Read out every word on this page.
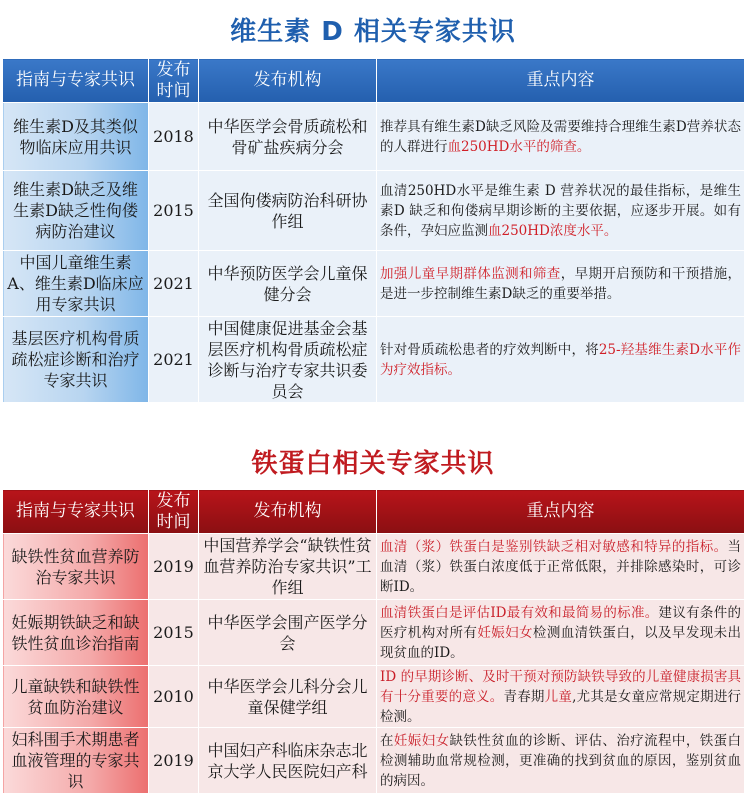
维生素 D 相关专家共识
指南与专家共识	发布时间	发布机构	重点内容
维生素D及其类似物临床应用共识	2018	中华医学会骨质疏松和骨矿盐疾病分会	推荐具有维生素D缺乏风险及需要维持合理维生素D营养状态的人群进行血250HD水平的筛查。
维生素D缺乏及维生素D缺乏性佝偻病防治建议	2015	全国佝偻病防治科研协作组	血清250HD水平是维生素 D 营养状况的最佳指标，是维生素D 缺乏和佝偻病早期诊断的主要依据，应逐步开展。如有条件，孕妇应监测血250HD浓度水平。
中国儿童维生素A、维生素D临床应用专家共识	2021	中华预防医学会儿童保健分会	加强儿童早期群体监测和筛查，早期开启预防和干预措施，是进一步控制维生素D缺乏的重要举措。
基层医疗机构骨质疏松症诊断和治疗专家共识	2021	中国健康促进基金会基层医疗机构骨质疏松症诊断与治疗专家共识委员会	针对骨质疏松患者的疗效判断中，将25-羟基维生素D水平作为疗效指标。
铁蛋白相关专家共识
指南与专家共识	发布时间	发布机构	重点内容
缺铁性贫血营养防治专家共识	2019	中国营养学会“缺铁性贫血营养防治专家共识”工作组	血清（浆）铁蛋白是鉴别铁缺乏相对敏感和特异的指标。当血清（浆）铁蛋白浓度低于正常低限，并排除感染时，可诊断ID。
妊娠期铁缺乏和缺铁性贫血诊治指南	2015	中华医学会围产医学分会	血清铁蛋白是评估ID最有效和最简易的标准。建议有条件的医疗机构对所有妊娠妇女检测血清铁蛋白，以及早发现未出现贫血的ID。
儿童缺铁和缺铁性贫血防治建议	2010	中华医学会儿科分会儿童保健学组	ID 的早期诊断、及时干预对预防缺铁导致的儿童健康损害具有十分重要的意义。青春期儿童,尤其是女童应常规定期进行检测。
妇科围手术期患者血液管理的专家共识	2019	中国妇产科临床杂志北京大学人民医院妇产科	在妊娠妇女缺铁性贫血的诊断、评估、治疗流程中，铁蛋白检测辅助血常规检测，更准确的找到贫血的原因，鉴别贫血的病因。
